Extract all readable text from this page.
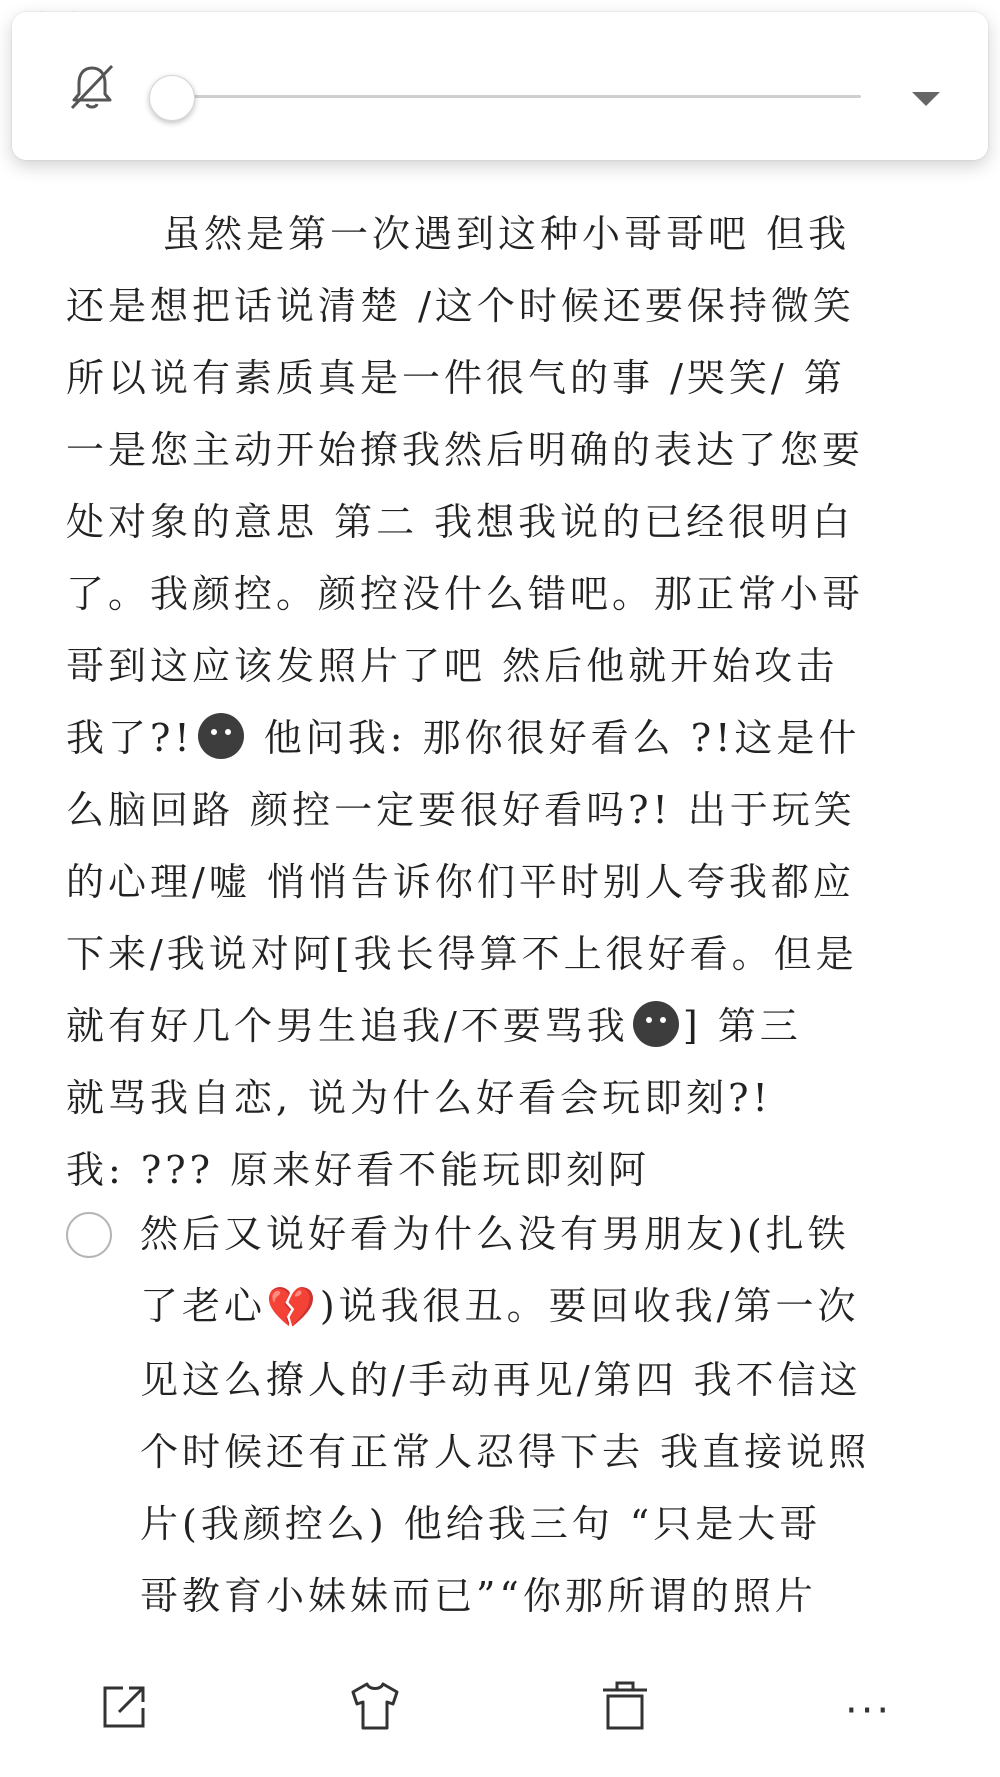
虽然是第一次遇到这种小哥哥吧 但我

还是想把话说清楚 /这个时候还要保持微笑

所以说有素质真是一件很气的事 /哭笑/ 第

一是您主动开始撩我然后明确的表达了您要

处对象的意思 第二 我想我说的已经很明白

了。我颜控。颜控没什么错吧。那正常小哥

哥到这应该发照片了吧 然后他就开始攻击

我了?! 他问我: 那你很好看么 ?!这是什

么脑回路 颜控一定要很好看吗?! 出于玩笑

的心理/嘘 悄悄告诉你们平时别人夸我都应

下来/我说对阿[我长得算不上很好看。但是

就有好几个男生追我/不要骂我 ] 第三

就骂我自恋, 说为什么好看会玩即刻?!

我: ??? 原来好看不能玩即刻阿

然后又说好看为什么没有男朋友)(扎铁
了老心💔)说我很丑。要回收我/第一次
见这么撩人的/手动再见/第四 我不信这
个时候还有正常人忍得下去 我直接说照
片(我颜控么) 他给我三句 “只是大哥
哥教育小妹妹而已”“你那所谓的照片
···
